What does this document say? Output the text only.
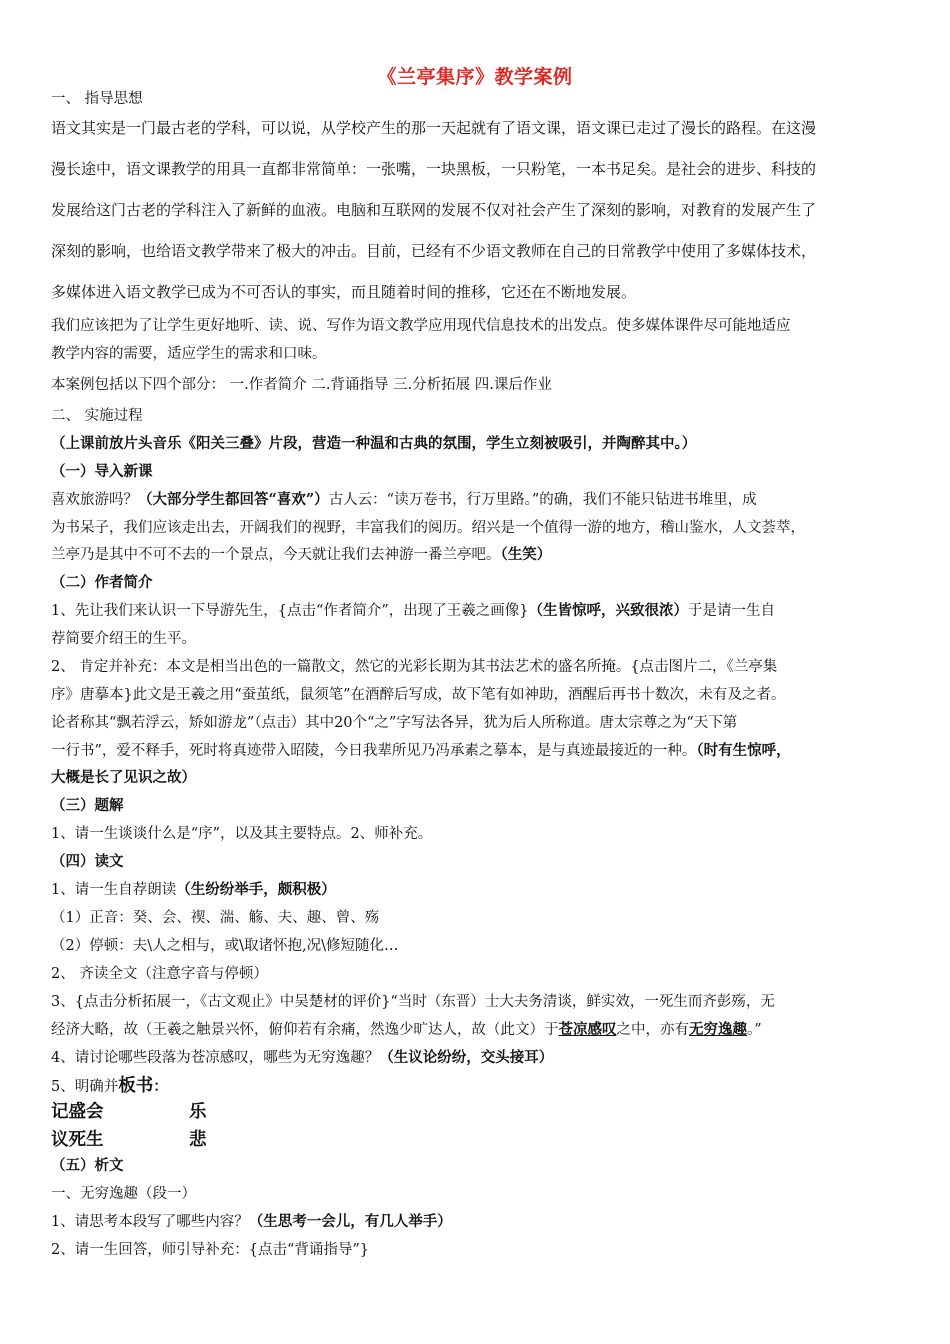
《兰亭集序》教学案例
一、 指导思想
语文其实是一门最古老的学科，可以说，从学校产生的那一天起就有了语文课，语文课已走过了漫长的路程。在这漫
漫长途中，语文课教学的用具一直都非常简单：一张嘴，一块黑板，一只粉笔，一本书足矣。是社会的进步、科技的
发展给这门古老的学科注入了新鲜的血液。电脑和互联网的发展不仅对社会产生了深刻的影响，对教育的发展产生了
深刻的影响，也给语文教学带来了极大的冲击。目前，已经有不少语文教师在自己的日常教学中使用了多媒体技术，
多媒体进入语文教学已成为不可否认的事实，而且随着时间的推移，它还在不断地发展。
我们应该把为了让学生更好地听、读、说、写作为语文教学应用现代信息技术的出发点。使多媒体课件尽可能地适应
教学内容的需要，适应学生的需求和口味。
本案例包括以下四个部分： 一.作者简介 二.背诵指导 三.分析拓展 四.课后作业
二、 实施过程
（上课前放片头音乐《阳关三叠》片段，营造一种温和古典的氛围，学生立刻被吸引，并陶醉其中。）
（一）导入新课
喜欢旅游吗？（大部分学生都回答“喜欢”）古人云：“读万卷书，行万里路。”的确，我们不能只钻进书堆里，成
为书呆子，我们应该走出去，开阔我们的视野，丰富我们的阅历。绍兴是一个值得一游的地方，稽山鉴水，人文荟萃，
兰亭乃是其中不可不去的一个景点，今天就让我们去神游一番兰亭吧。（生笑）
（二）作者简介
1、先让我们来认识一下导游先生，{点击“作者简介”，出现了王羲之画像}（生皆惊呼，兴致很浓）于是请一生自
荐简要介绍王的生平。
2、 肯定并补充：本文是相当出色的一篇散文，然它的光彩长期为其书法艺术的盛名所掩。{点击图片二，《兰亭集
序》唐摹本}此文是王羲之用“蚕茧纸，鼠须笔”在酒醉后写成，故下笔有如神助，酒醒后再书十数次，未有及之者。
论者称其“飘若浮云，矫如游龙”（点击）其中20个“之”字写法各异，犹为后人所称道。唐太宗尊之为“天下第
一行书”，爱不释手，死时将真迹带入昭陵，今日我辈所见乃冯承素之摹本，是与真迹最接近的一种。（时有生惊呼，
大概是长了见识之故）
（三）题解
1、请一生谈谈什么是“序”，以及其主要特点。2、师补充。
（四）读文
1、请一生自荐朗读（生纷纷举手，颇积极）
（1）正音：癸、会、禊、湍、觞、夫、趣、曾、殇
（2）停顿：夫\人之相与，或\取诸怀抱,况\修短随化…
2、 齐读全文（注意字音与停顿）
3、{点击分析拓展一，《古文观止》中吴楚材的评价}“当时（东晋）士大夫务清谈，鲜实效，一死生而齐彭殇，无
经济大略，故（王羲之触景兴怀，俯仰若有余痛，然逸少旷达人，故（此文）于苍凉感叹之中，亦有无穷逸趣。”
4、请讨论哪些段落为苍凉感叹，哪些为无穷逸趣？（生议论纷纷，交头接耳）
5、明确并板书：
（五）析文
一、无穷逸趣（段一）
1、请思考本段写了哪些内容？（生思考一会儿，有几人举手）
2、请一生回答，师引导补充：{点击“背诵指导”}
记盛会	乐
议死生	悲
